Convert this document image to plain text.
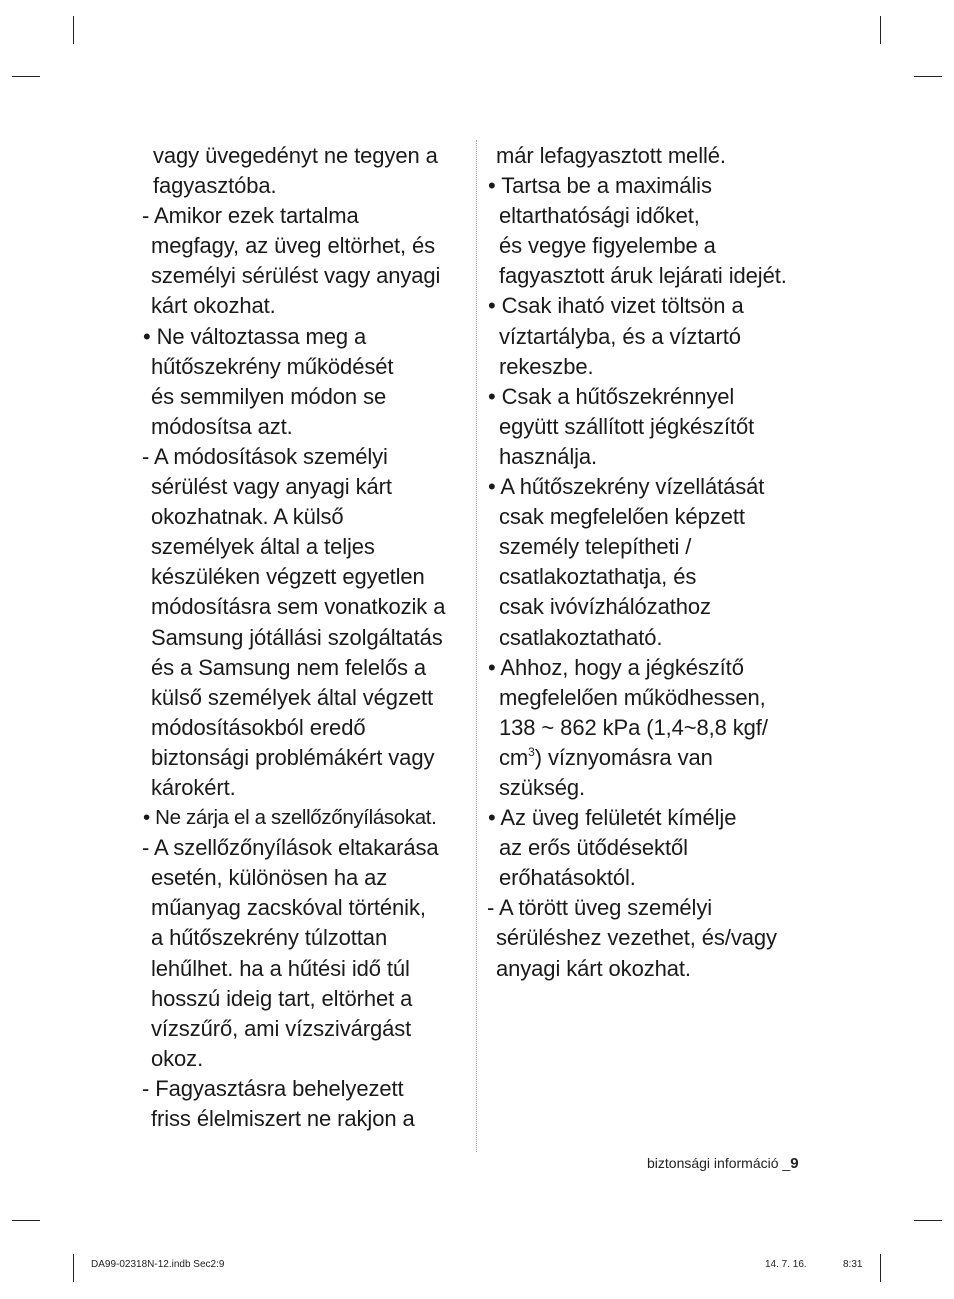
vagy üvegedényt ne tegyen a
fagyasztóba.
- Amikor ezek tartalma
megfagy, az üveg eltörhet, és
személyi sérülést vagy anyagi
kárt okozhat.
• Ne változtassa meg a
hűtőszekrény működését
és semmilyen módon se
módosítsa azt.
- A módosítások személyi
sérülést vagy anyagi kárt
okozhatnak. A külső
személyek által a teljes
készüléken végzett egyetlen
módosításra sem vonatkozik a
Samsung jótállási szolgáltatás
és a Samsung nem felelős a
külső személyek által végzett
módosításokból eredő
biztonsági problémákért vagy
károkért.
• Ne zárja el a szellőzőnyílásokat.
- A szellőzőnyílások eltakarása
esetén, különösen ha az
műanyag zacskóval történik,
a hűtőszekrény túlzottan
lehűlhet. ha a hűtési idő túl
hosszú ideig tart, eltörhet a
vízszűrő, ami vízszivárgást
okoz.
- Fagyasztásra behelyezett
friss élelmiszert ne rakjon a
már lefagyasztott mellé.
• Tartsa be a maximális
eltarthatósági időket,
és vegye figyelembe a
fagyasztott áruk lejárati idejét.
• Csak iható vizet töltsön a
víztartályba, és a víztartó
rekeszbe.
• Csak a hűtőszekrénnyel
együtt szállított jégkészítőt
használja.
• A hűtőszekrény vízellátását
csak megfelelően képzett
személy telepítheti /
csatlakoztathatja, és
csak ivóvízhálózathoz
csatlakoztatható.
• Ahhoz, hogy a jégkészítő
megfelelően működhessen,
138 ~ 862 kPa (1,4~8,8 kgf/
$cm^3$) víznyomásra van
szükség.
• Az üveg felületét kímélje
az erős ütődésektől
erőhatásoktól.
- A törött üveg személyi
sérüléshez vezethet, és/vagy
anyagi kárt okozhat.
biztonsági információ _9
DA99-02318N-12.indb Sec2:9	14. 7. 16.	8:31
